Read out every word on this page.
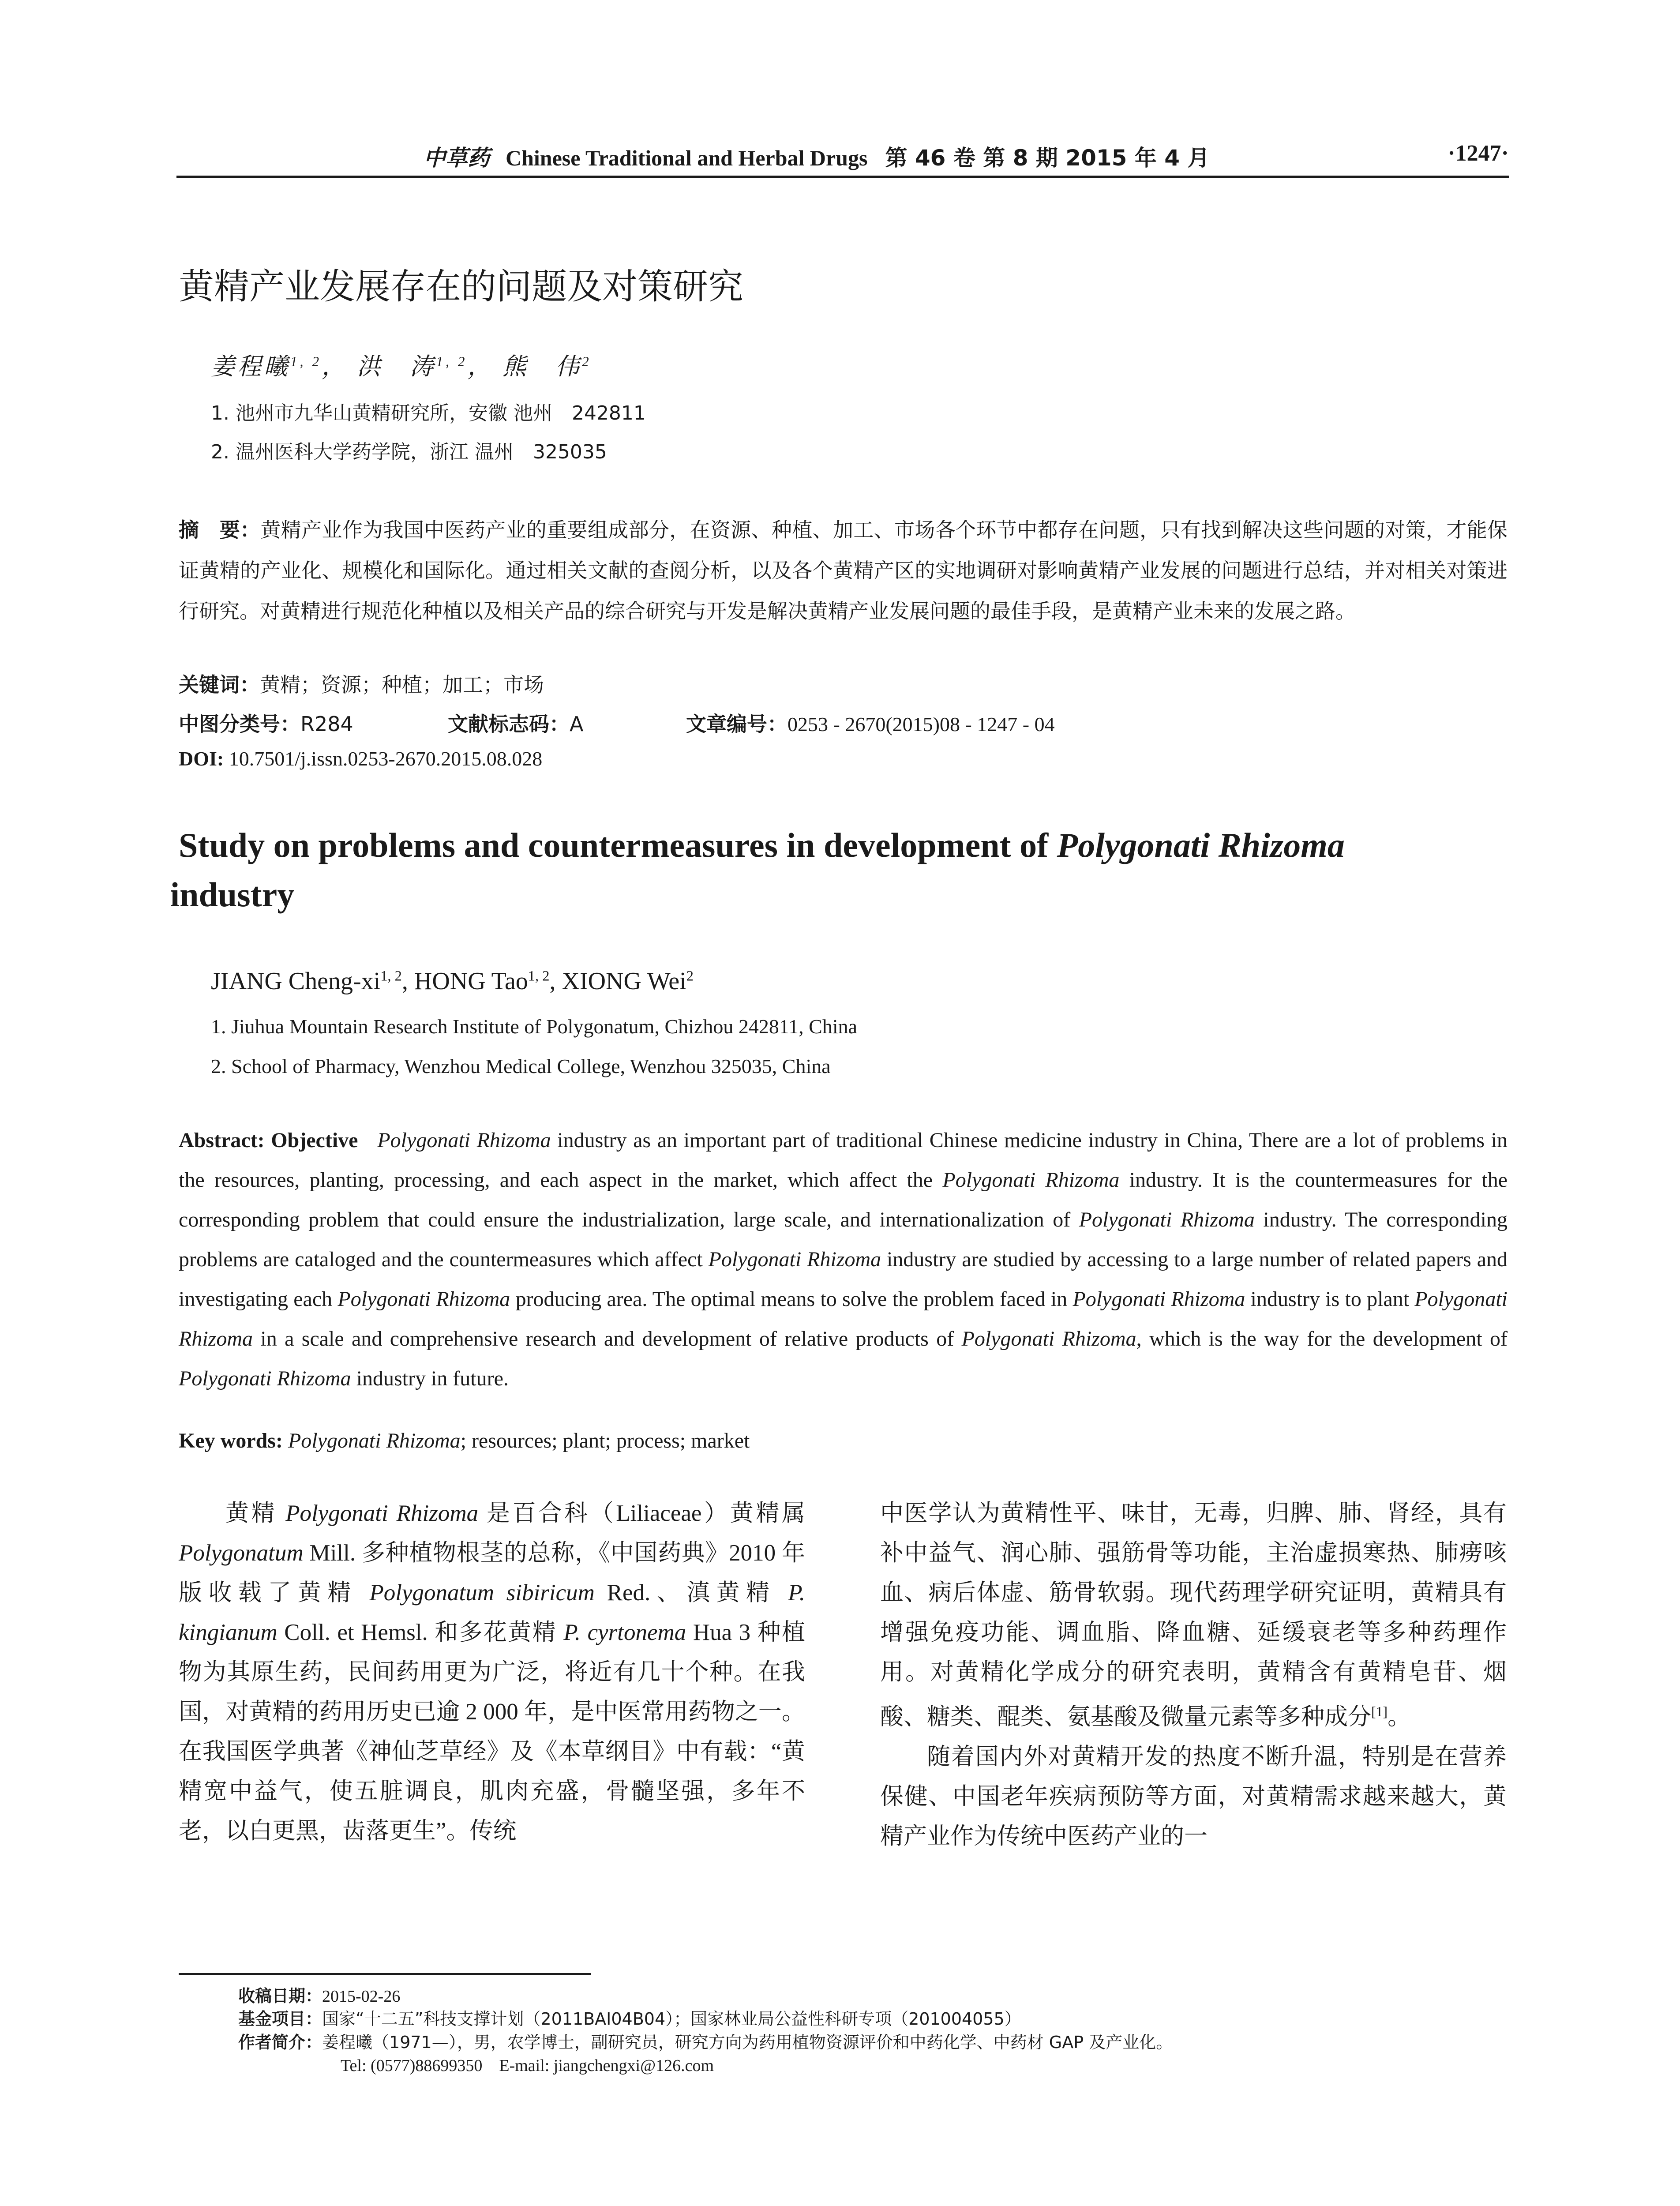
中草药 Chinese Traditional and Herbal Drugs 第 46 卷 第 8 期 2015 年 4 月	·1247·
黄精产业发展存在的问题及对策研究
姜程曦$^{1, 2}$， 洪　涛$^{1, 2}$， 熊　伟$^2$
1. 池州市九华山黄精研究所，安徽 池州　242811
2. 温州医科大学药学院，浙江 温州　325035
摘　要：黄精产业作为我国中医药产业的重要组成部分，在资源、种植、加工、市场各个环节中都存在问题，只有找到解决这些问题的对策，才能保证黄精的产业化、规模化和国际化。通过相关文献的查阅分析，以及各个黄精产区的实地调研对影响黄精产业发展的问题进行总结，并对相关对策进行研究。对黄精进行规范化种植以及相关产品的综合研究与开发是解决黄精产业发展问题的最佳手段，是黄精产业未来的发展之路。
关键词：黄精；资源；种植；加工；市场
中图分类号：R284	文献标志码：A	文章编号：0253 - 2670(2015)08 - 1247 - 04
DOI: 10.7501/j.issn.0253-2670.2015.08.028
Study on problems and countermeasures in development of Polygonati Rhizoma
industry
JIANG Cheng-xi$^{1, 2}$, HONG Tao$^{1, 2}$, XIONG Wei$^2$
1. Jiuhua Mountain Research Institute of Polygonatum, Chizhou 242811, China
2. School of Pharmacy, Wenzhou Medical College, Wenzhou 325035, China
Abstract: Objective Polygonati Rhizoma industry as an important part of traditional Chinese medicine industry in China, There are a lot of problems in the resources, planting, processing, and each aspect in the market, which affect the Polygonati Rhizoma industry. It is the countermeasures for the corresponding problem that could ensure the industrialization, large scale, and internationalization of Polygonati Rhizoma industry. The corresponding problems are cataloged and the countermeasures which affect Polygonati Rhizoma industry are studied by accessing to a large number of related papers and investigating each Polygonati Rhizoma producing area. The optimal means to solve the problem faced in Polygonati Rhizoma industry is to plant Polygonati Rhizoma in a scale and comprehensive research and development of relative products of Polygonati Rhizoma, which is the way for the development of Polygonati Rhizoma industry in future.
Key words: Polygonati Rhizoma; resources; plant; process; market

黄精 Polygonati Rhizoma 是百合科（Liliaceae）黄精属 Polygonatum Mill. 多种植物根茎的总称，《中国药典》2010 年版收载了黄精 Polygonatum sibiricum Red.、滇黄精 P. kingianum Coll. et Hemsl. 和多花黄精 P. cyrtonema Hua 3 种植物为其原生药，民间药用更为广泛，将近有几十个种。在我国，对黄精的药用历史已逾 2 000 年，是中医常用药物之一。在我国医学典著《神仙芝草经》及《本草纲目》中有载：“黄精宽中益气，使五脏调良，肌肉充盛，骨髓坚强，多年不老，以白更黑，齿落更生”。传统

中医学认为黄精性平、味甘，无毒，归脾、肺、肾经，具有补中益气、润心肺、强筋骨等功能，主治虚损寒热、肺痨咳血、病后体虚、筋骨软弱。现代药理学研究证明，黄精具有增强免疫功能、调血脂、降血糖、延缓衰老等多种药理作用。对黄精化学成分的研究表明，黄精含有黄精皂苷、烟酸、糖类、醌类、氨基酸及微量元素等多种成分[1]。

随着国内外对黄精开发的热度不断升温，特别是在营养保健、中国老年疾病预防等方面，对黄精需求越来越大，黄精产业作为传统中医药产业的一

收稿日期：2015-02-26
基金项目：国家“十二五”科技支撑计划（2011BAI04B04）；国家林业局公益性科研专项（201004055）
作者简介：姜程曦（1971—），男，农学博士，副研究员，研究方向为药用植物资源评价和中药化学、中药材 GAP 及产业化。
Tel: (0577)88699350　E-mail: jiangchengxi@126.com
